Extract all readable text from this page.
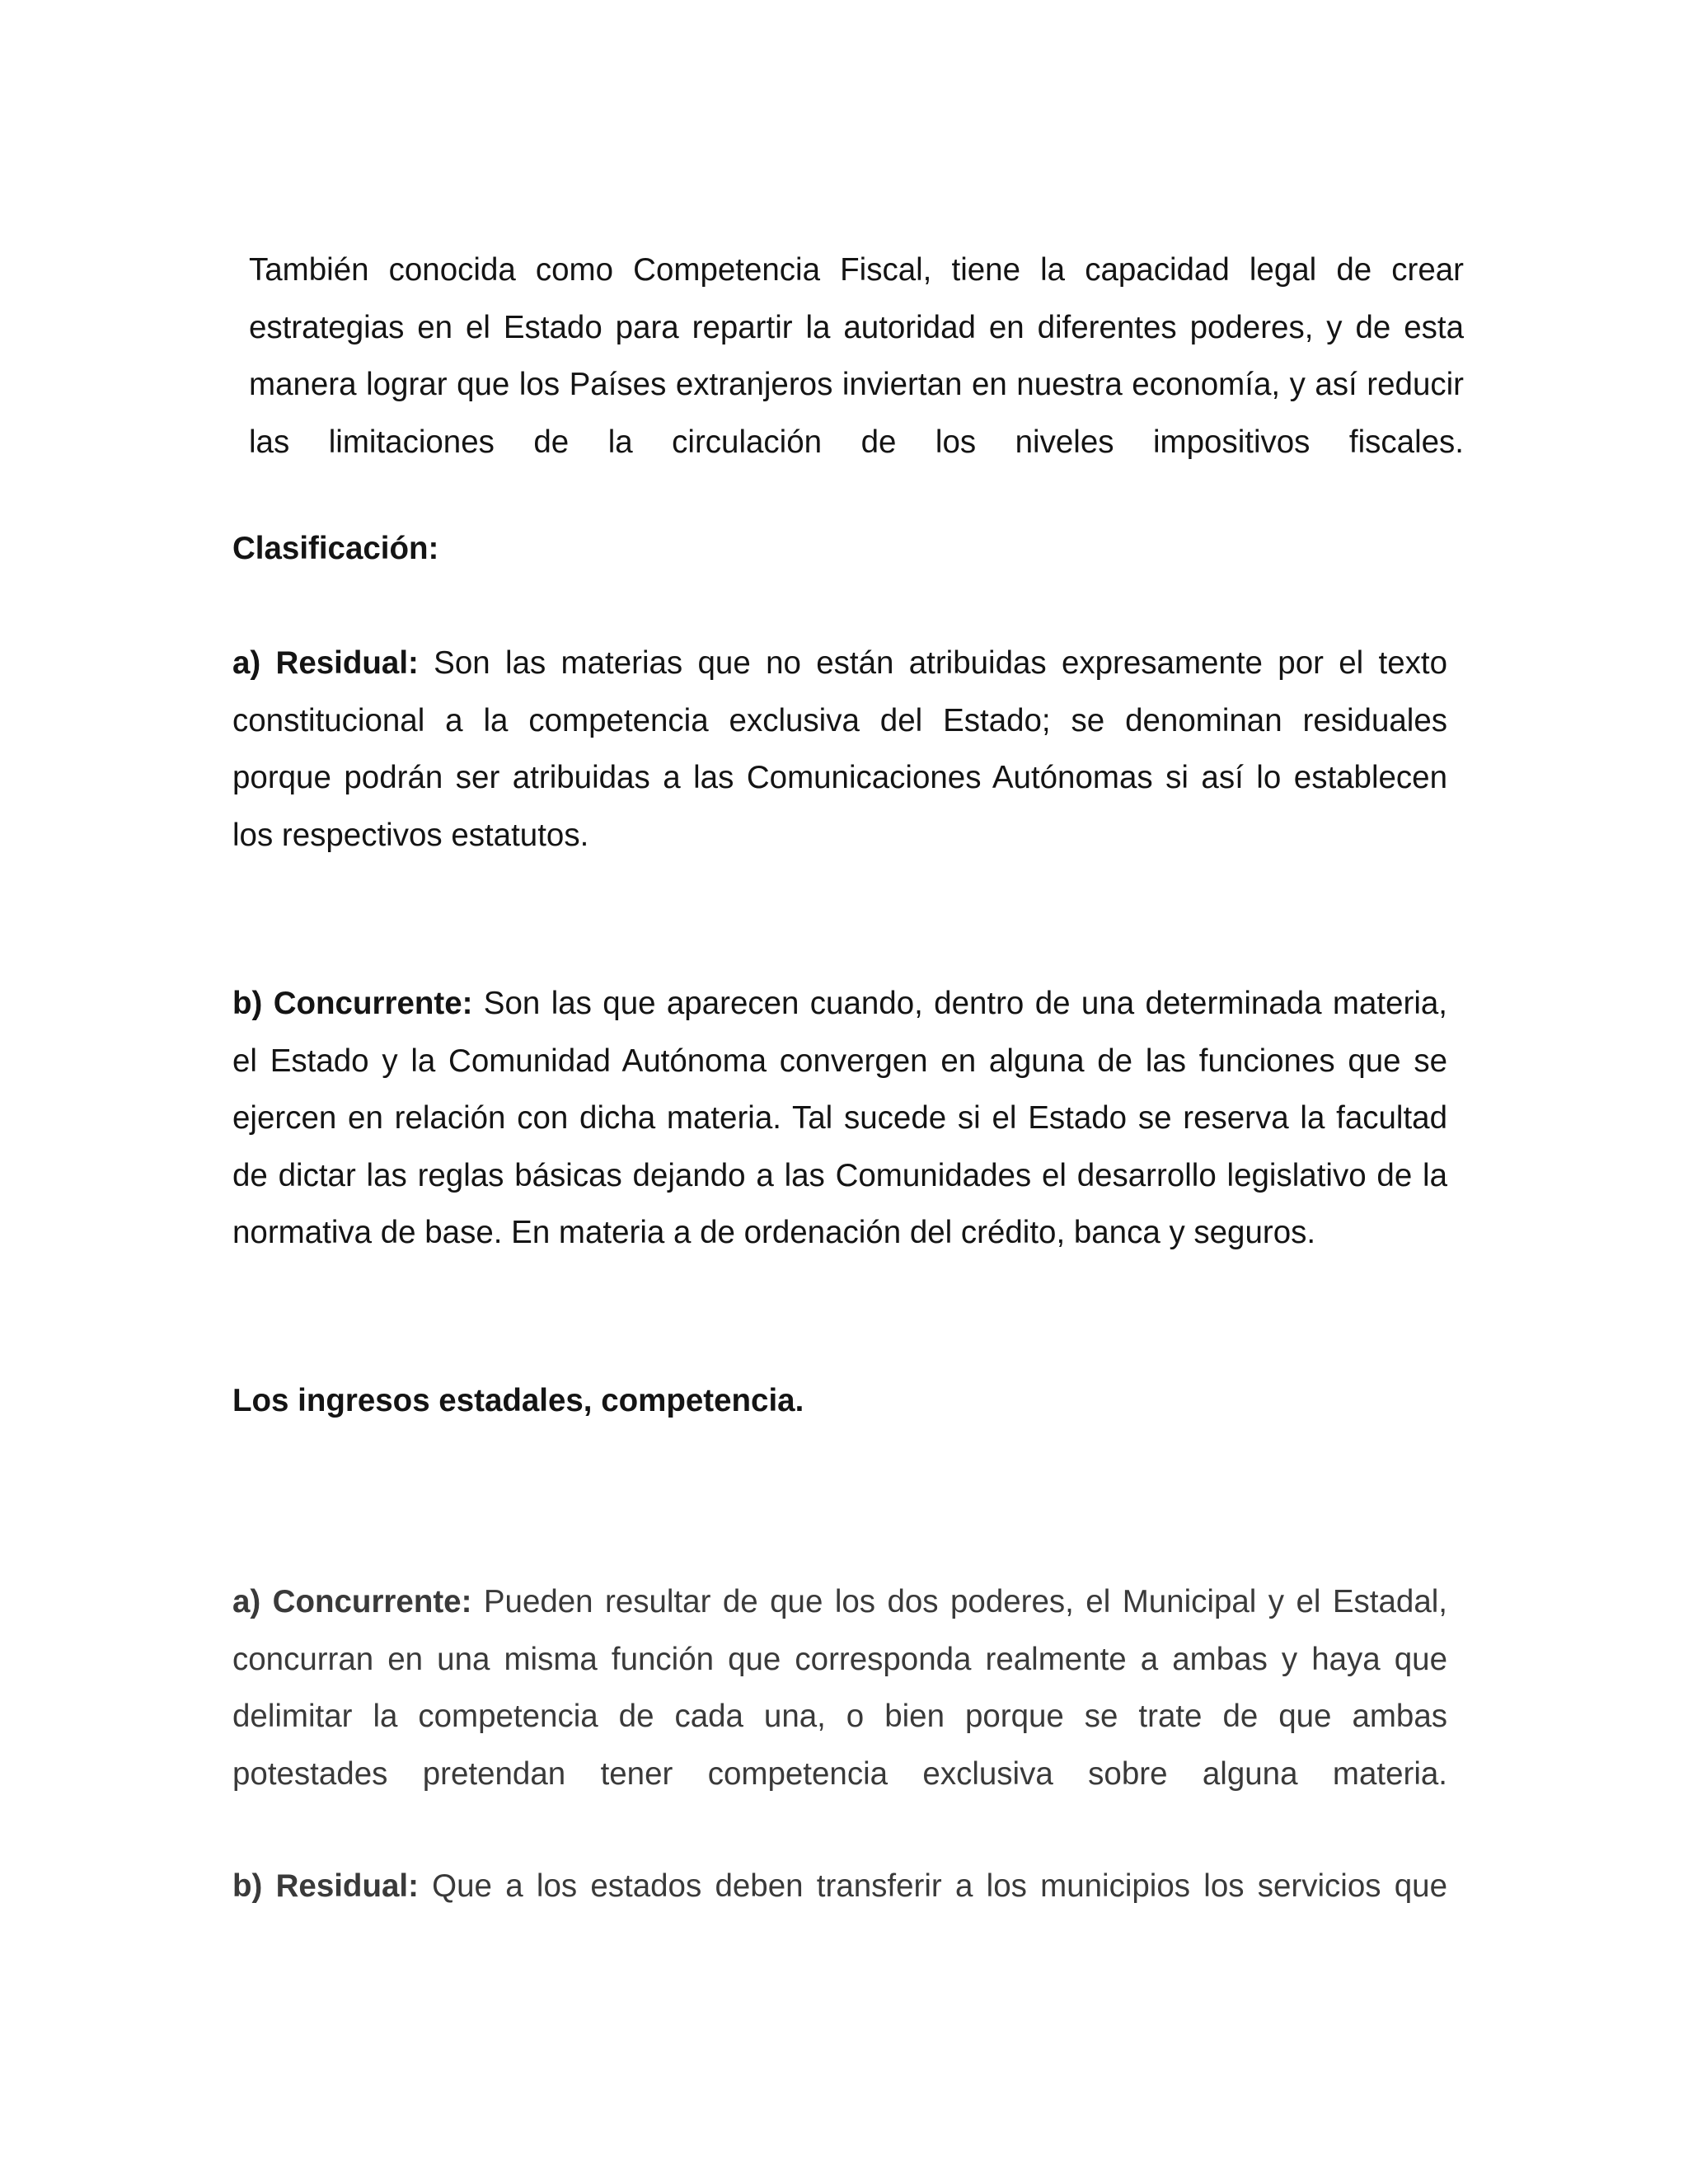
También conocida como Competencia Fiscal, tiene la capacidad legal de crear estrategias en el Estado para repartir la autoridad en diferentes poderes, y de esta manera lograr que los Países extranjeros inviertan en nuestra economía, y así reducir las limitaciones de la circulación de los niveles impositivos fiscales.

Clasificación:

a) Residual: Son las materias que no están atribuidas expresamente por el texto constitucional a la competencia exclusiva del Estado; se denominan residuales porque podrán ser atribuidas a las Comunicaciones Autónomas si así lo establecen los respectivos estatutos.

b) Concurrente: Son las que aparecen cuando, dentro de una determinada materia, el Estado y la Comunidad Autónoma convergen en alguna de las funciones que se ejercen en relación con dicha materia. Tal sucede si el Estado se reserva la facultad de dictar las reglas básicas dejando a las Comunidades el desarrollo legislativo de la normativa de base. En materia a de ordenación del crédito, banca y seguros.

Los ingresos estadales, competencia.

a) Concurrente: Pueden resultar de que los dos poderes, el Municipal y el Estadal, concurran en una misma función que corresponda realmente a ambas y haya que delimitar la competencia de cada una, o bien porque se trate de que ambas potestades pretendan tener competencia exclusiva sobre alguna materia.

b) Residual: Que a los estados deben transferir a los municipios los servicios que
